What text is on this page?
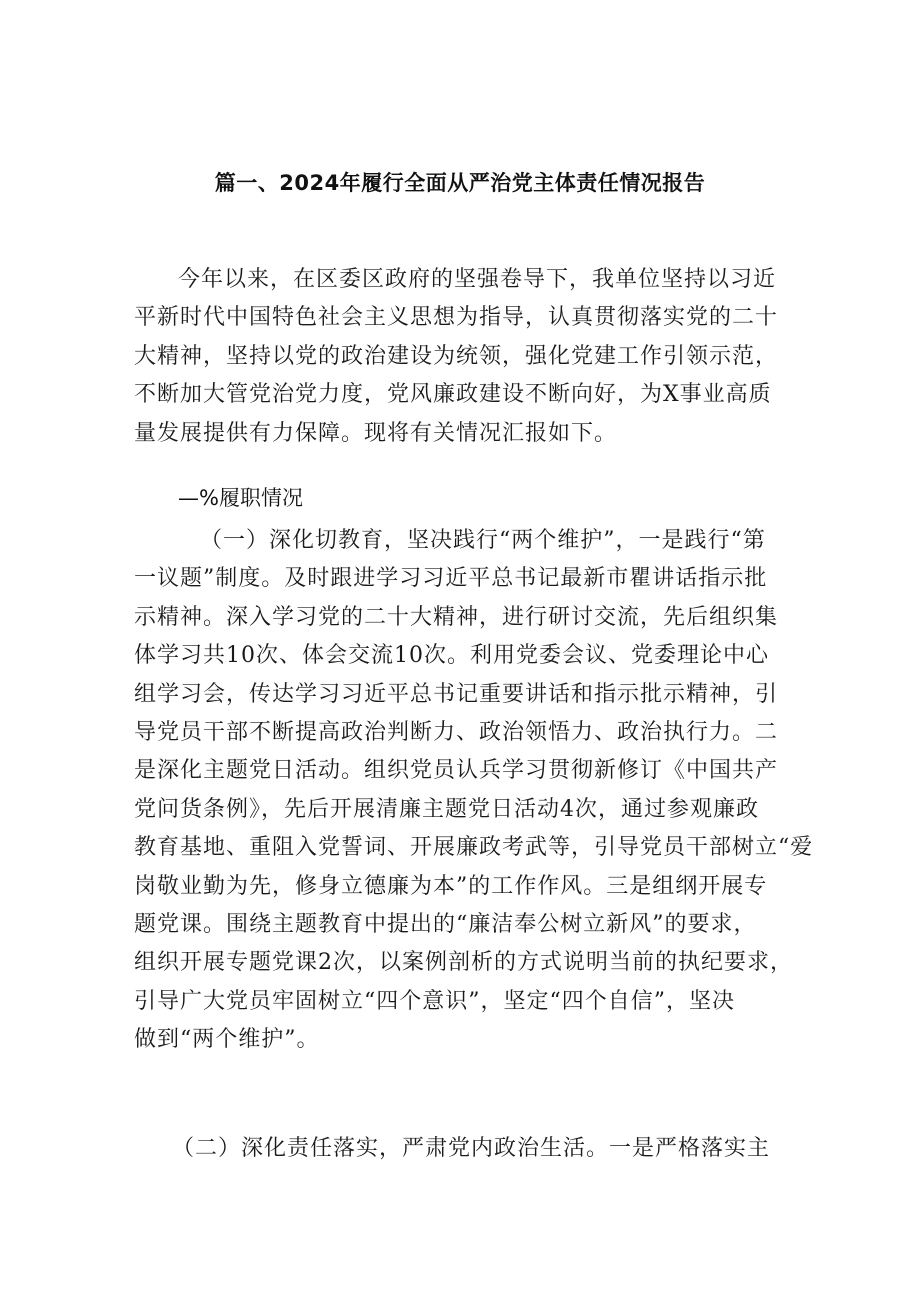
篇一、2024年履行全面从严治党主体责任情况报告
今年以来，在区委区政府的坚强卷导下，我单位坚持以习近
平新时代中国特色社会主义思想为指导，认真贯彻落实党的二十
大精神，坚持以党的政治建设为统领，强化党建工作引领示范，
不断加大管党治党力度，党风廉政建设不断向好，为X事业高质
量发展提供有力保障。现将有关情况汇报如下。
—%履职情况
（一）深化切教育，坚决践行“两个维护”，一是践行“第
一议题”制度。及时跟进学习习近平总书记最新市瞿讲话指示批
示精神。深入学习党的二十大精神，进行研讨交流，先后组织集
体学习共10次、体会交流10次。利用党委会议、党委理论中心
组学习会，传达学习习近平总书记重要讲话和指示批示精神，引
导党员干部不断提高政治判断力、政治领悟力、政治执行力。二
是深化主题党日活动。组织党员认兵学习贯彻新修订《中国共产
党问货条例》，先后开展清廉主题党日活动4次，通过参观廉政
教育基地、重阻入党誓词、开展廉政考武等，引导党员干部树立“爱
岗敬业勤为先，修身立德廉为本”的工作作风。三是组纲开展专
题党课。围绕主题教育中提出的“廉洁奉公树立新风”的要求，
组织开展专题党课2次，以案例剖析的方式说明当前的执纪要求，
引导广大党员牢固树立“四个意识”，坚定“四个自信”，坚决
做到“两个维护”。
（二）深化责任落实，严肃党内政治生活。一是严格落实主
